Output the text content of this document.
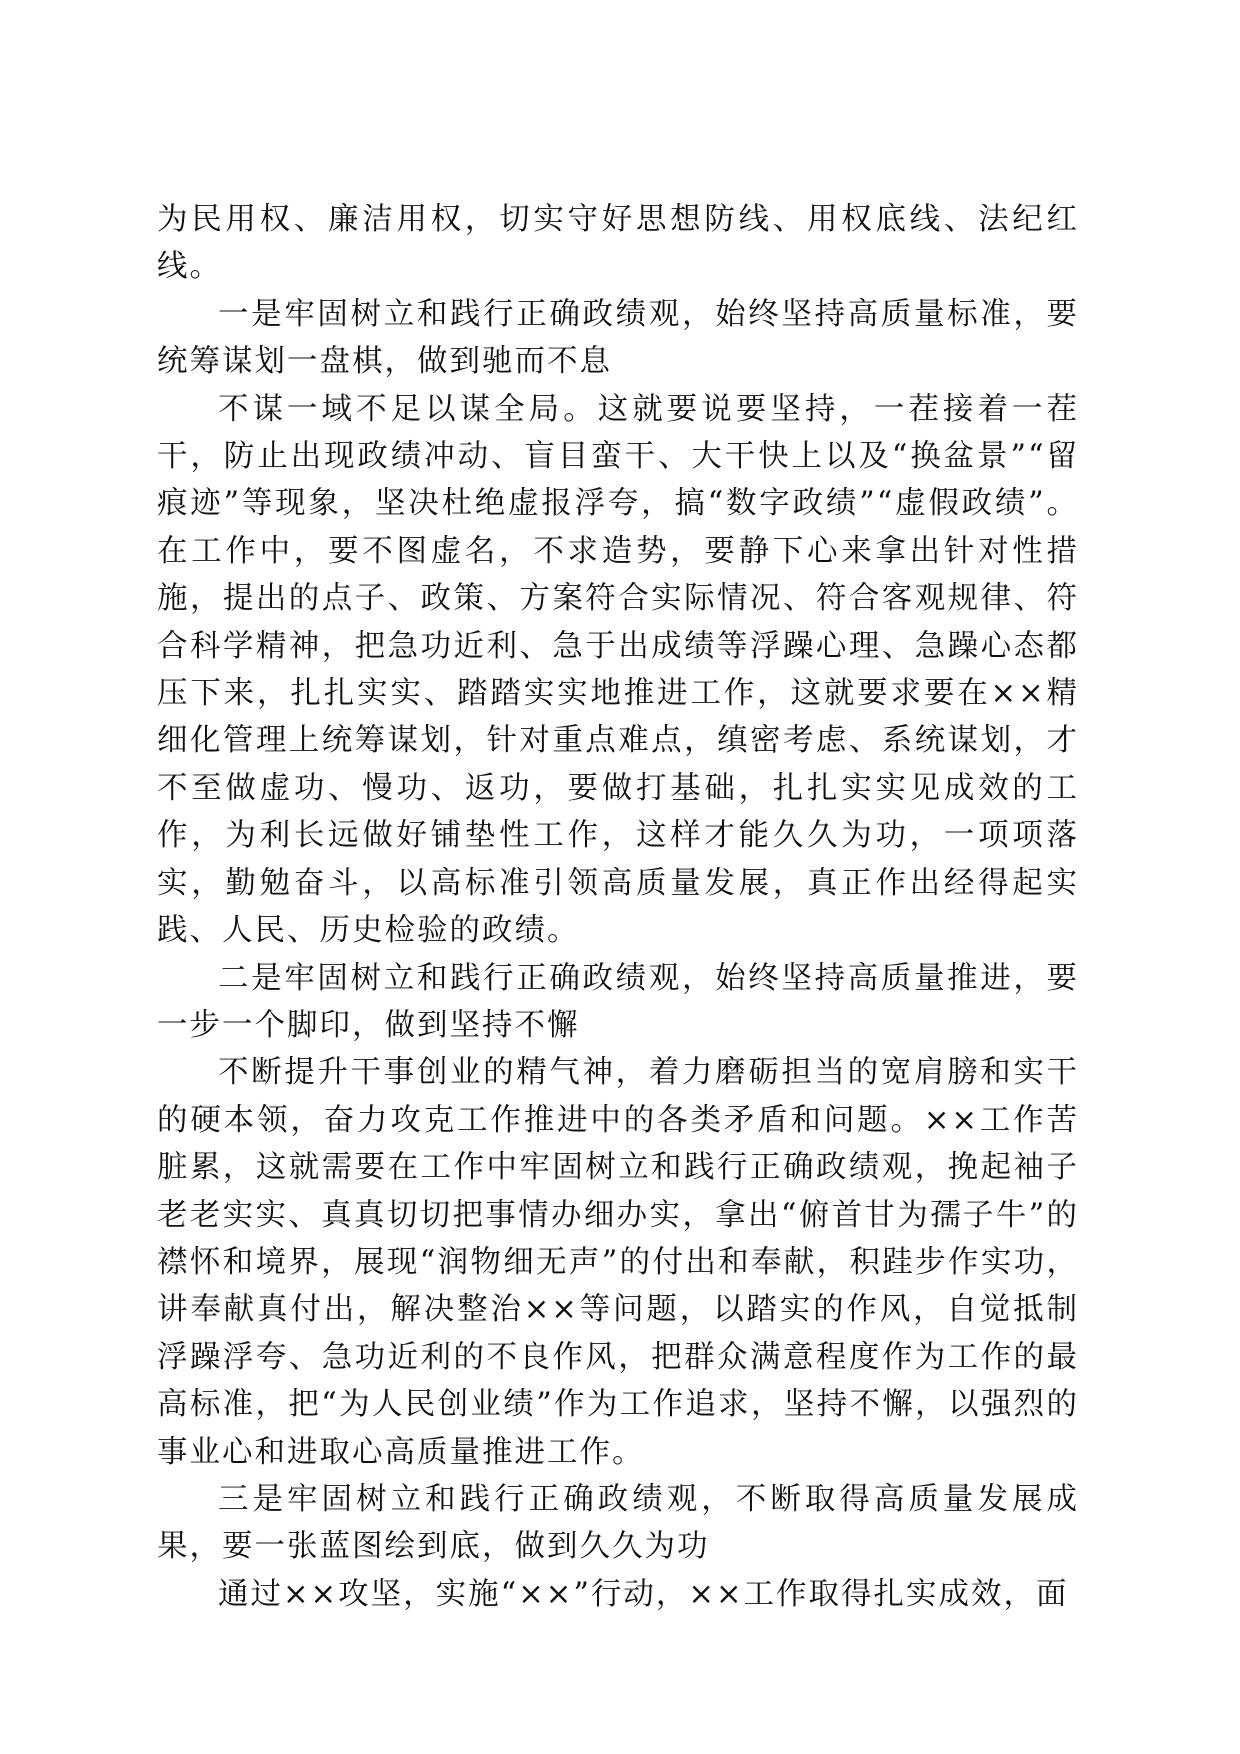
为民用权、廉洁用权，切实守好思想防线、用权底线、法纪红线。

一是牢固树立和践行正确政绩观，始终坚持高质量标准，要统筹谋划一盘棋，做到驰而不息

不谋一域不足以谋全局。这就要说要坚持，一茬接着一茬干，防止出现政绩冲动、盲目蛮干、大干快上以及“换盆景”“留痕迹”等现象，坚决杜绝虚报浮夸，搞“数字政绩”“虚假政绩”。在工作中，要不图虚名，不求造势，要静下心来拿出针对性措施，提出的点子、政策、方案符合实际情况、符合客观规律、符合科学精神，把急功近利、急于出成绩等浮躁心理、急躁心态都压下来，扎扎实实、踏踏实实地推进工作，这就要求要在××精细化管理上统筹谋划，针对重点难点，缜密考虑、系统谋划，才不至做虚功、慢功、返功，要做打基础，扎扎实实见成效的工作，为利长远做好铺垫性工作，这样才能久久为功，一项项落实，勤勉奋斗，以高标准引领高质量发展，真正作出经得起实践、人民、历史检验的政绩。

二是牢固树立和践行正确政绩观，始终坚持高质量推进，要一步一个脚印，做到坚持不懈

不断提升干事创业的精气神，着力磨砺担当的宽肩膀和实干的硬本领，奋力攻克工作推进中的各类矛盾和问题。××工作苦脏累，这就需要在工作中牢固树立和践行正确政绩观，挽起袖子老老实实、真真切切把事情办细办实，拿出“俯首甘为孺子牛”的襟怀和境界，展现“润物细无声”的付出和奉献，积跬步作实功，讲奉献真付出，解决整治××等问题，以踏实的作风，自觉抵制浮躁浮夸、急功近利的不良作风，把群众满意程度作为工作的最高标准，把“为人民创业绩”作为工作追求，坚持不懈，以强烈的事业心和进取心高质量推进工作。

三是牢固树立和践行正确政绩观，不断取得高质量发展成果，要一张蓝图绘到底，做到久久为功

通过××攻坚，实施“××”行动，××工作取得扎实成效，面
